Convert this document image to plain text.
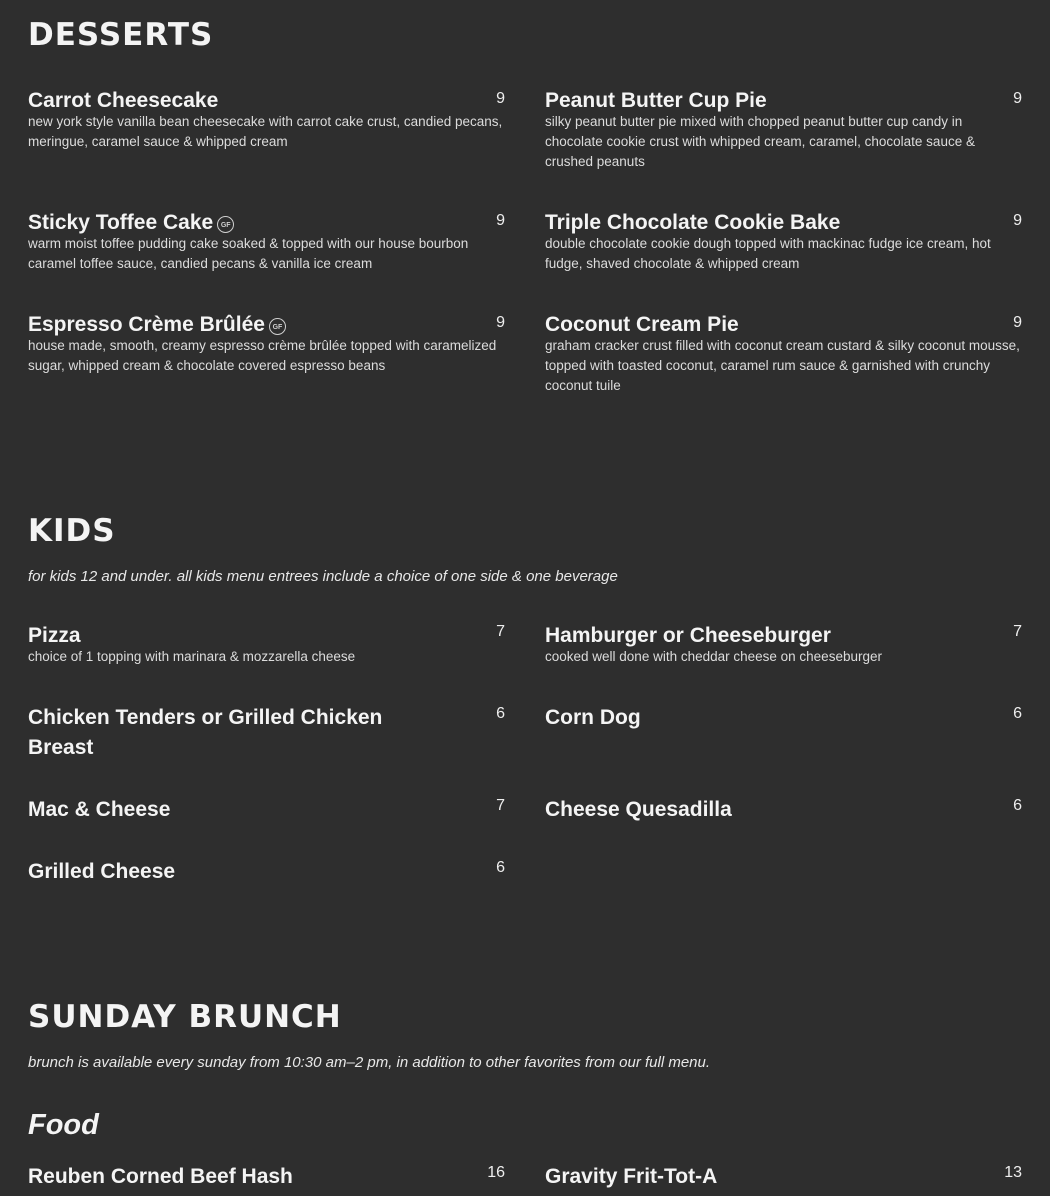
DESSERTS
Carrot Cheesecake	9

new york style vanilla bean cheesecake with carrot cake crust, candied pecans, meringue, caramel sauce & whipped cream

Peanut Butter Cup Pie	9

silky peanut butter pie mixed with chopped peanut butter cup candy in chocolate cookie crust with whipped cream, caramel, chocolate sauce & crushed peanuts

Sticky Toffee Cake GF	9

warm moist toffee pudding cake soaked & topped with our house bourbon caramel toffee sauce, candied pecans & vanilla ice cream

Triple Chocolate Cookie Bake	9

double chocolate cookie dough topped with mackinac fudge ice cream, hot fudge, shaved chocolate & whipped cream

Espresso Crème Brûlée GF	9

house made, smooth, creamy espresso crème brûlée topped with caramelized sugar, whipped cream & chocolate covered espresso beans

Coconut Cream Pie	9

graham cracker crust filled with coconut cream custard & silky coconut mousse, topped with toasted coconut, caramel rum sauce & garnished with crunchy coconut tuile

KIDS

for kids 12 and under. all kids menu entrees include a choice of one side & one beverage

Pizza	7

choice of 1 topping with marinara & mozzarella cheese

Hamburger or Cheeseburger	7

cooked well done with cheddar cheese on cheeseburger

Chicken Tenders or Grilled Chicken Breast
6 Corn Dog	6
Mac & Cheese	7 Cheese Quesadilla	6
Grilled Cheese	6
SUNDAY BRUNCH

brunch is available every sunday from 10:30 am–2 pm, in addition to other favorites from our full menu.

Food
Reuben Corned Beef Hash	16 Gravity Frit-Tot-A	13
